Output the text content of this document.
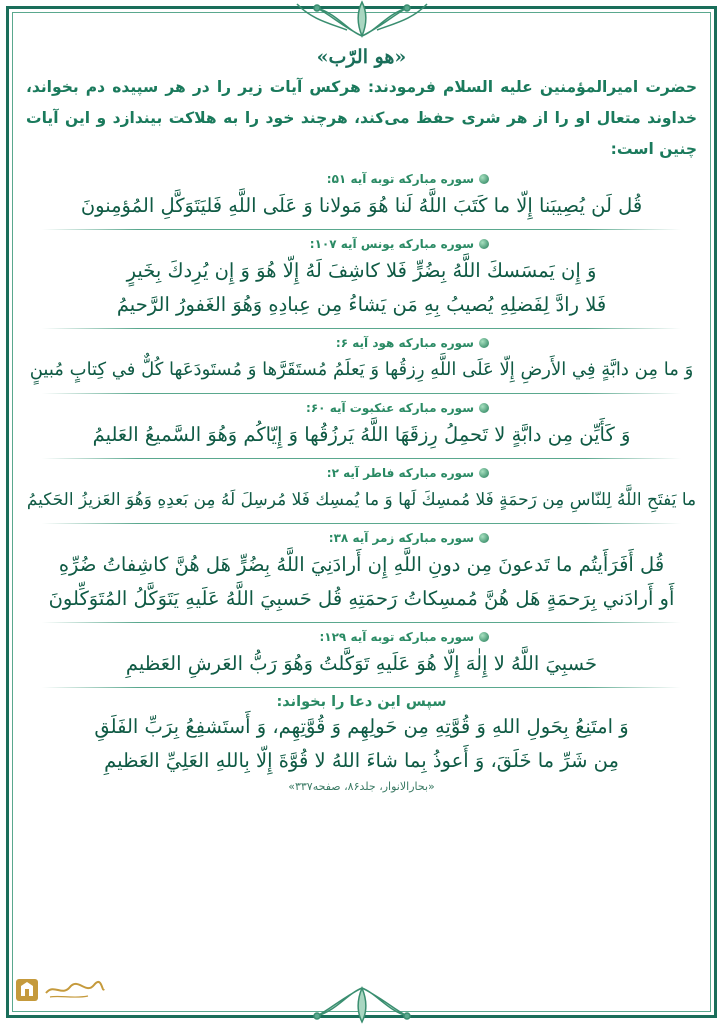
«هو الرّب»
حضرت امیرالمؤمنین عليه السلام فرمودند: هرکس آیات زیر را در هر سپیده دم بخواند، خداوند متعال او را از هر شری حفظ می‌کند، هرچند خود را به هلاکت بیندازد و این آیات چنین است:
سوره مبارکه توبه آیه ۵۱:
قُل لَن يُصِيبَنا إِلّا ما كَتَبَ اللَّهُ لَنا هُوَ مَولانا وَ عَلَى اللَّهِ فَليَتَوَكَّلِ المُؤمِنونَ
سوره مبارکه یونس آیه ۱۰۷:
وَ إِن يَمسَسكَ اللَّهُ بِضُرٍّ فَلا كاشِفَ لَهُ إِلّا هُوَ وَ إِن يُرِدكَ بِخَيرٍ
فَلا رادَّ لِفَضلِهِ يُصيبُ بِهِ مَن يَشاءُ مِن عِبادِهِ وَهُوَ الغَفورُ الرَّحيمُ
سوره مبارکه هود آیه ۶:
وَ ما مِن دابَّةٍ فِي الأَرضِ إِلّا عَلَى اللَّهِ رِزقُها وَ يَعلَمُ مُستَقَرَّها وَ مُستَودَعَها كُلٌّ في كِتابٍ مُبينٍ
سوره مبارکه عنکبوت آیه ۶۰:
وَ كَأَيِّن مِن دابَّةٍ لا تَحمِلُ رِزقَهَا اللَّهُ يَرزُقُها وَ إِيّاكُم وَهُوَ السَّميعُ العَليمُ
سوره مبارکه فاطر آیه ۲:
ما يَفتَحِ اللَّهُ لِلنّاسِ مِن رَحمَةٍ فَلا مُمسِكَ لَها وَ ما يُمسِك فَلا مُرسِلَ لَهُ مِن بَعدِهِ وَهُوَ العَزيزُ الحَكيمُ
سوره مبارکه زمر آیه ۳۸:
قُل أَفَرَأَيتُم ما تَدعونَ مِن دونِ اللَّهِ إِن أَرادَنِيَ اللَّهُ بِضُرٍّ هَل هُنَّ كاشِفاتُ ضُرِّهِ
أَو أَرادَني بِرَحمَةٍ هَل هُنَّ مُمسِكاتُ رَحمَتِهِ قُل حَسبِيَ اللَّهُ عَلَيهِ يَتَوَكَّلُ المُتَوَكِّلونَ
سوره مبارکه توبه آیه ۱۲۹:
حَسبِيَ اللَّهُ لا إِلٰهَ إِلّا هُوَ عَلَيهِ تَوَكَّلتُ وَهُوَ رَبُّ العَرشِ العَظيمِ
سپس این دعا را بخواند:
وَ امتَنِعُ بِحَولِ اللهِ وَ قُوَّتِهِ مِن حَولِهِم وَ قُوَّتِهِم، وَ أَستَشفِعُ بِرَبِّ الفَلَقِ
مِن شَرِّ ما خَلَقَ، وَ أَعوذُ بِما شاءَ اللهُ لا قُوَّةَ إِلّا بِاللهِ العَلِيِّ العَظيمِ
«بحارالانوار، جلد۸۶، صفحه۳۳۷»
